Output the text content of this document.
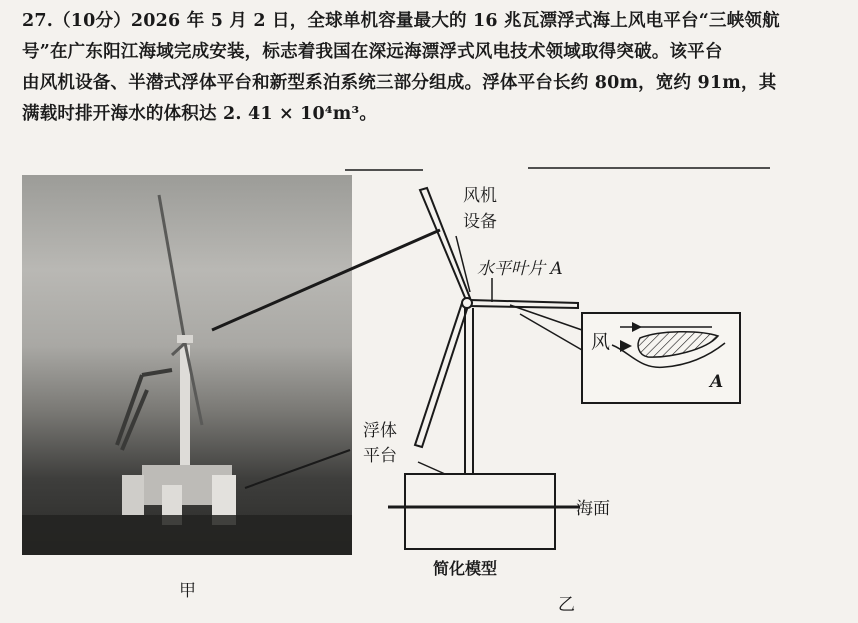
27.（10分）2026 年 5 月 2 日，全球单机容量最大的 16 兆瓦漂浮式海上风电平台“三峡领航
号”在广东阳江海域完成安装，标志着我国在深远海漂浮式风电技术领域取得突破。该平台
由风机设备、半潜式浮体平台和新型系泊系统三部分组成。浮体平台长约 80m，宽约 91m，其
满载时排开海水的体积达 2. 41 × 10⁴m³。
风机
设备
水平叶片 A
浮体
平台
海面
风
A
简化模型
甲
乙
